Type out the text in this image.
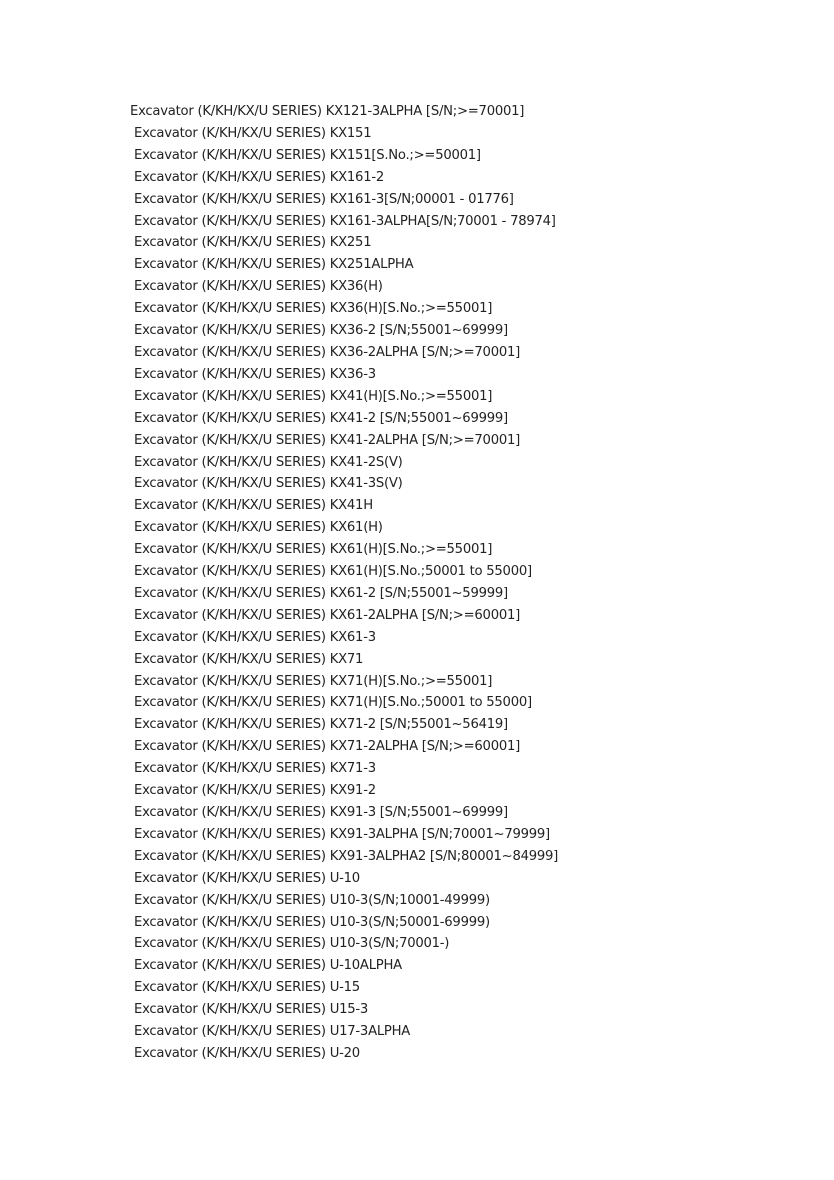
Excavator (K/KH/KX/U SERIES) KX121-3ALPHA [S/N;>=70001]
Excavator (K/KH/KX/U SERIES) KX151
Excavator (K/KH/KX/U SERIES) KX151[S.No.;>=50001]
Excavator (K/KH/KX/U SERIES) KX161-2
Excavator (K/KH/KX/U SERIES) KX161-3[S/N;00001 - 01776]
Excavator (K/KH/KX/U SERIES) KX161-3ALPHA[S/N;70001 - 78974]
Excavator (K/KH/KX/U SERIES) KX251
Excavator (K/KH/KX/U SERIES) KX251ALPHA
Excavator (K/KH/KX/U SERIES) KX36(H)
Excavator (K/KH/KX/U SERIES) KX36(H)[S.No.;>=55001]
Excavator (K/KH/KX/U SERIES) KX36-2 [S/N;55001~69999]
Excavator (K/KH/KX/U SERIES) KX36-2ALPHA [S/N;>=70001]
Excavator (K/KH/KX/U SERIES) KX36-3
Excavator (K/KH/KX/U SERIES) KX41(H)[S.No.;>=55001]
Excavator (K/KH/KX/U SERIES) KX41-2 [S/N;55001~69999]
Excavator (K/KH/KX/U SERIES) KX41-2ALPHA [S/N;>=70001]
Excavator (K/KH/KX/U SERIES) KX41-2S(V)
Excavator (K/KH/KX/U SERIES) KX41-3S(V)
Excavator (K/KH/KX/U SERIES) KX41H
Excavator (K/KH/KX/U SERIES) KX61(H)
Excavator (K/KH/KX/U SERIES) KX61(H)[S.No.;>=55001]
Excavator (K/KH/KX/U SERIES) KX61(H)[S.No.;50001 to 55000]
Excavator (K/KH/KX/U SERIES) KX61-2 [S/N;55001~59999]
Excavator (K/KH/KX/U SERIES) KX61-2ALPHA [S/N;>=60001]
Excavator (K/KH/KX/U SERIES) KX61-3
Excavator (K/KH/KX/U SERIES) KX71
Excavator (K/KH/KX/U SERIES) KX71(H)[S.No.;>=55001]
Excavator (K/KH/KX/U SERIES) KX71(H)[S.No.;50001 to 55000]
Excavator (K/KH/KX/U SERIES) KX71-2 [S/N;55001~56419]
Excavator (K/KH/KX/U SERIES) KX71-2ALPHA [S/N;>=60001]
Excavator (K/KH/KX/U SERIES) KX71-3
Excavator (K/KH/KX/U SERIES) KX91-2
Excavator (K/KH/KX/U SERIES) KX91-3 [S/N;55001~69999]
Excavator (K/KH/KX/U SERIES) KX91-3ALPHA [S/N;70001~79999]
Excavator (K/KH/KX/U SERIES) KX91-3ALPHA2 [S/N;80001~84999]
Excavator (K/KH/KX/U SERIES) U-10
Excavator (K/KH/KX/U SERIES) U10-3(S/N;10001-49999)
Excavator (K/KH/KX/U SERIES) U10-3(S/N;50001-69999)
Excavator (K/KH/KX/U SERIES) U10-3(S/N;70001-)
Excavator (K/KH/KX/U SERIES) U-10ALPHA
Excavator (K/KH/KX/U SERIES) U-15
Excavator (K/KH/KX/U SERIES) U15-3
Excavator (K/KH/KX/U SERIES) U17-3ALPHA
Excavator (K/KH/KX/U SERIES) U-20
